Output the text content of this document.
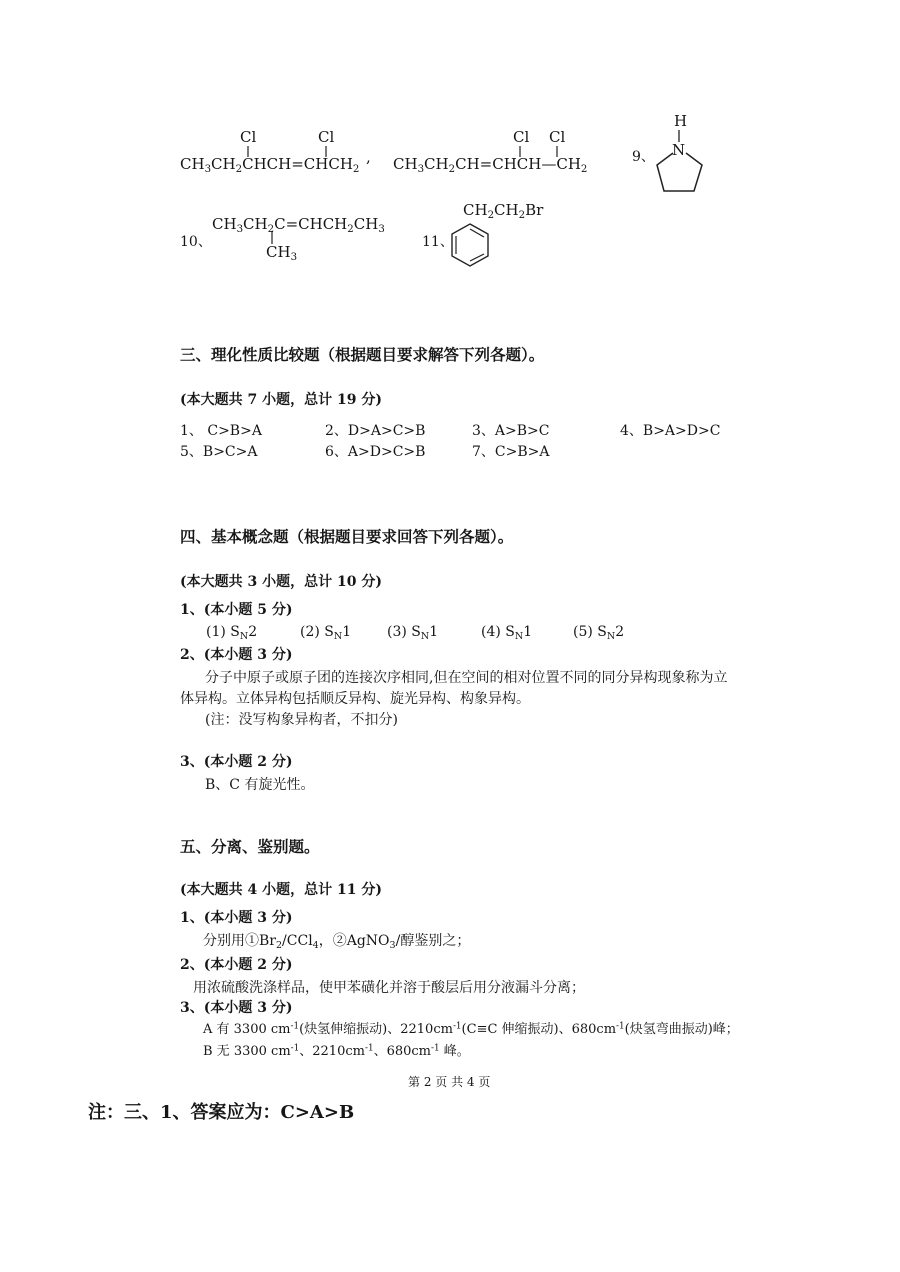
Cl	Cl
$CH_3CH_2CHCH=CHCH_2$
,
Cl Cl
$CH_3CH_2CH=CHCH—CH_2$
9、
H
N
10、
$CH_3CH_2C=CHCH_2CH_3$
$CH_3$
11、
$CH_2CH_2Br$
三、理化性质比较题（根据题目要求解答下列各题）。
(本大题共 7 小题，总计 19 分)
1、 C>B>A	2、D>A>C>B	3、A>B>C	4、B>A>D>C
5、B>C>A	6、A>D>C>B	7、C>B>A
四、基本概念题（根据题目要求回答下列各题）。
(本大题共 3 小题，总计 10 分)
1、(本小题 5 分)
(1) $S_N2$	(2) $S_N1$	(3) $S_N1$	(4) $S_N1$	(5) $S_N2$
2、(本小题 3 分)
分子中原子或原子团的连接次序相同,但在空间的相对位置不同的同分异构现象称为立
体异构。立体异构包括顺反异构、旋光异构、构象异构。
(注：没写构象异构者，不扣分)
3、(本小题 2 分)
B、C 有旋光性。
五、分离、鉴别题。
(本大题共 4 小题，总计 11 分)
1、(本小题 3 分)
分别用$①Br_2/CCl_4$，②AgNO$_3$/醇鉴别之；
2、(本小题 2 分)
用浓硫酸洗涤样品，使甲苯磺化并溶于酸层后用分液漏斗分离；
3、(本小题 3 分)
A 有 3300 $cm^{-1}$(炔氢伸缩振动)、$2210cm^{-1}(C\equiv C$ 伸缩振动)、$680cm^{-1}$(炔氢弯曲振动)峰；
B 无 3300 $cm^{-1}$、$2210cm^{-1}$、$680cm^{-1}$ 峰。
第 2 页 共 4 页
注：三、1、答案应为：C>A>B
